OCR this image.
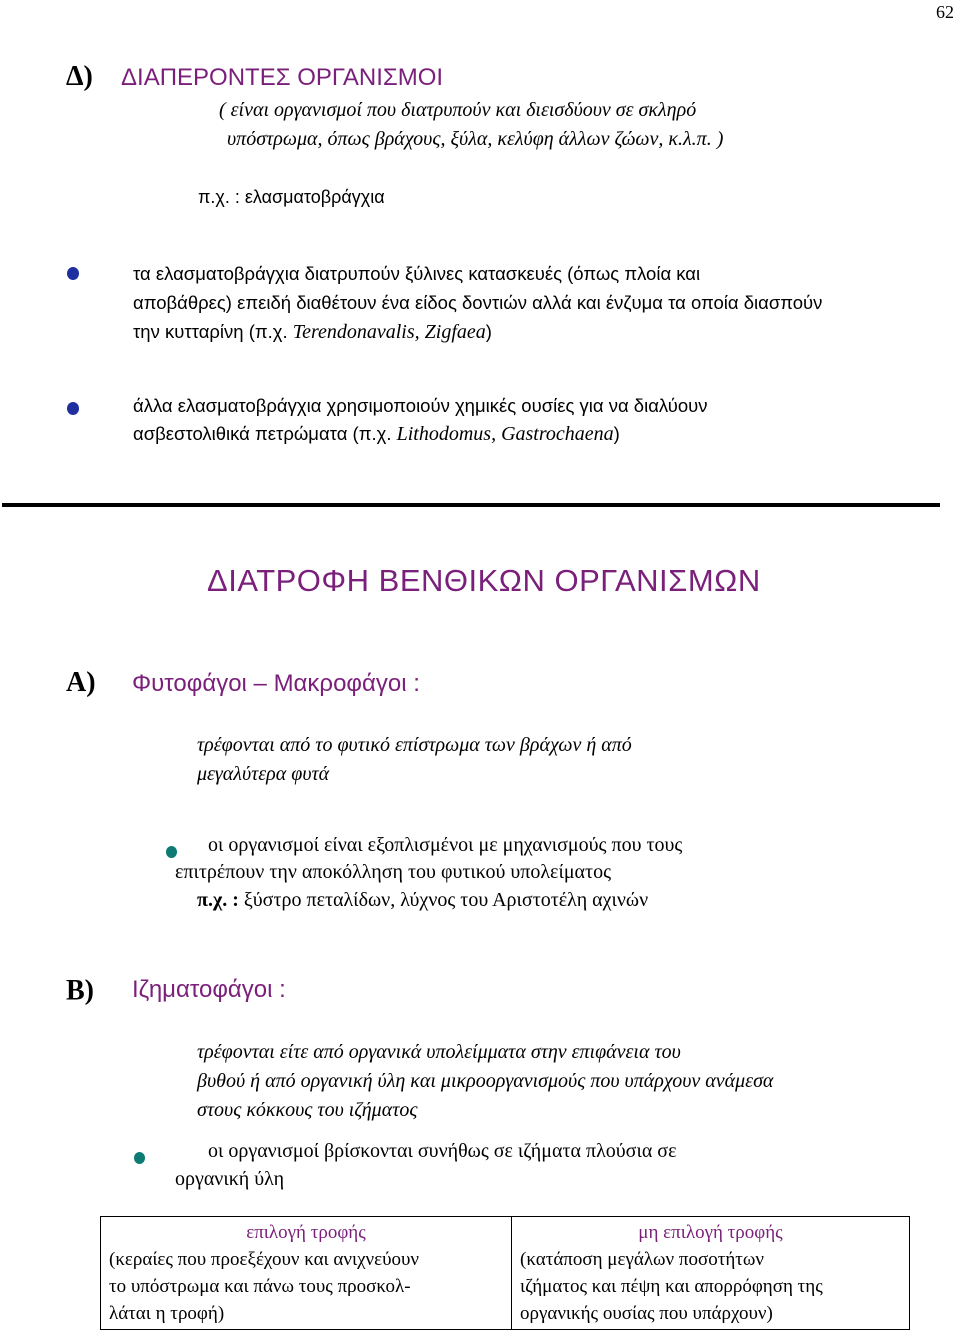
62
Δ) ΔΙΑΠΕΡΟΝΤΕΣ ΟΡΓΑΝΙΣΜΟΙ
( είναι οργανισμοί που διατρυπούν και διεισδύουν σε σκληρό
υπόστρωμα, όπως βράχους, ξύλα, κελύφη άλλων ζώων, κ.λ.π. )
π.χ. : ελασματοβράγχια
τα ελασματοβράγχια διατρυπούν ξύλινες κατασκευές (όπως πλοία και
αποβάθρες) επειδή διαθέτουν ένα είδος δοντιών αλλά και ένζυμα τα οποία διασπούν
την κυτταρίνη (π.χ. Terendonavalis, Zigfaea)
άλλα ελασματοβράγχια χρησιμοποιούν χημικές ουσίες για να διαλύουν
ασβεστολιθικά πετρώματα (π.χ. Lithodomus, Gastrochaena)
ΔΙΑΤΡΟΦΗ ΒΕΝΘΙΚΩΝ ΟΡΓΑΝΙΣΜΩΝ
Α) Φυτοφάγοι – Μακροφάγοι :
τρέφονται από το φυτικό επίστρωμα των βράχων ή από
μεγαλύτερα φυτά
οι οργανισμοί είναι εξοπλισμένοι με μηχανισμούς που τους
επιτρέπουν την αποκόλληση του φυτικού υπολείματος
π.χ. : ξύστρο πεταλίδων, λύχνος του Αριστοτέλη αχινών
Β) Ιζηματοφάγοι :
τρέφονται είτε από οργανικά υπολείμματα στην επιφάνεια του
βυθού ή από οργανική ύλη και μικροοργανισμούς που υπάρχουν ανάμεσα
στους κόκκους του ιζήματος
οι οργανισμοί βρίσκονται συνήθως σε ιζήματα πλούσια σε
οργανική ύλη
επιλογή τροφής
(κεραίες που προεξέχουν και ανιχνεύουν
το υπόστρωμα και πάνω τους προσκολ-
λάται η τροφή)

μη επιλογή τροφής
(κατάποση μεγάλων ποσοτήτων
ιζήματος και πέψη και απορρόφηση της
οργανικής ουσίας που υπάρχουν)
